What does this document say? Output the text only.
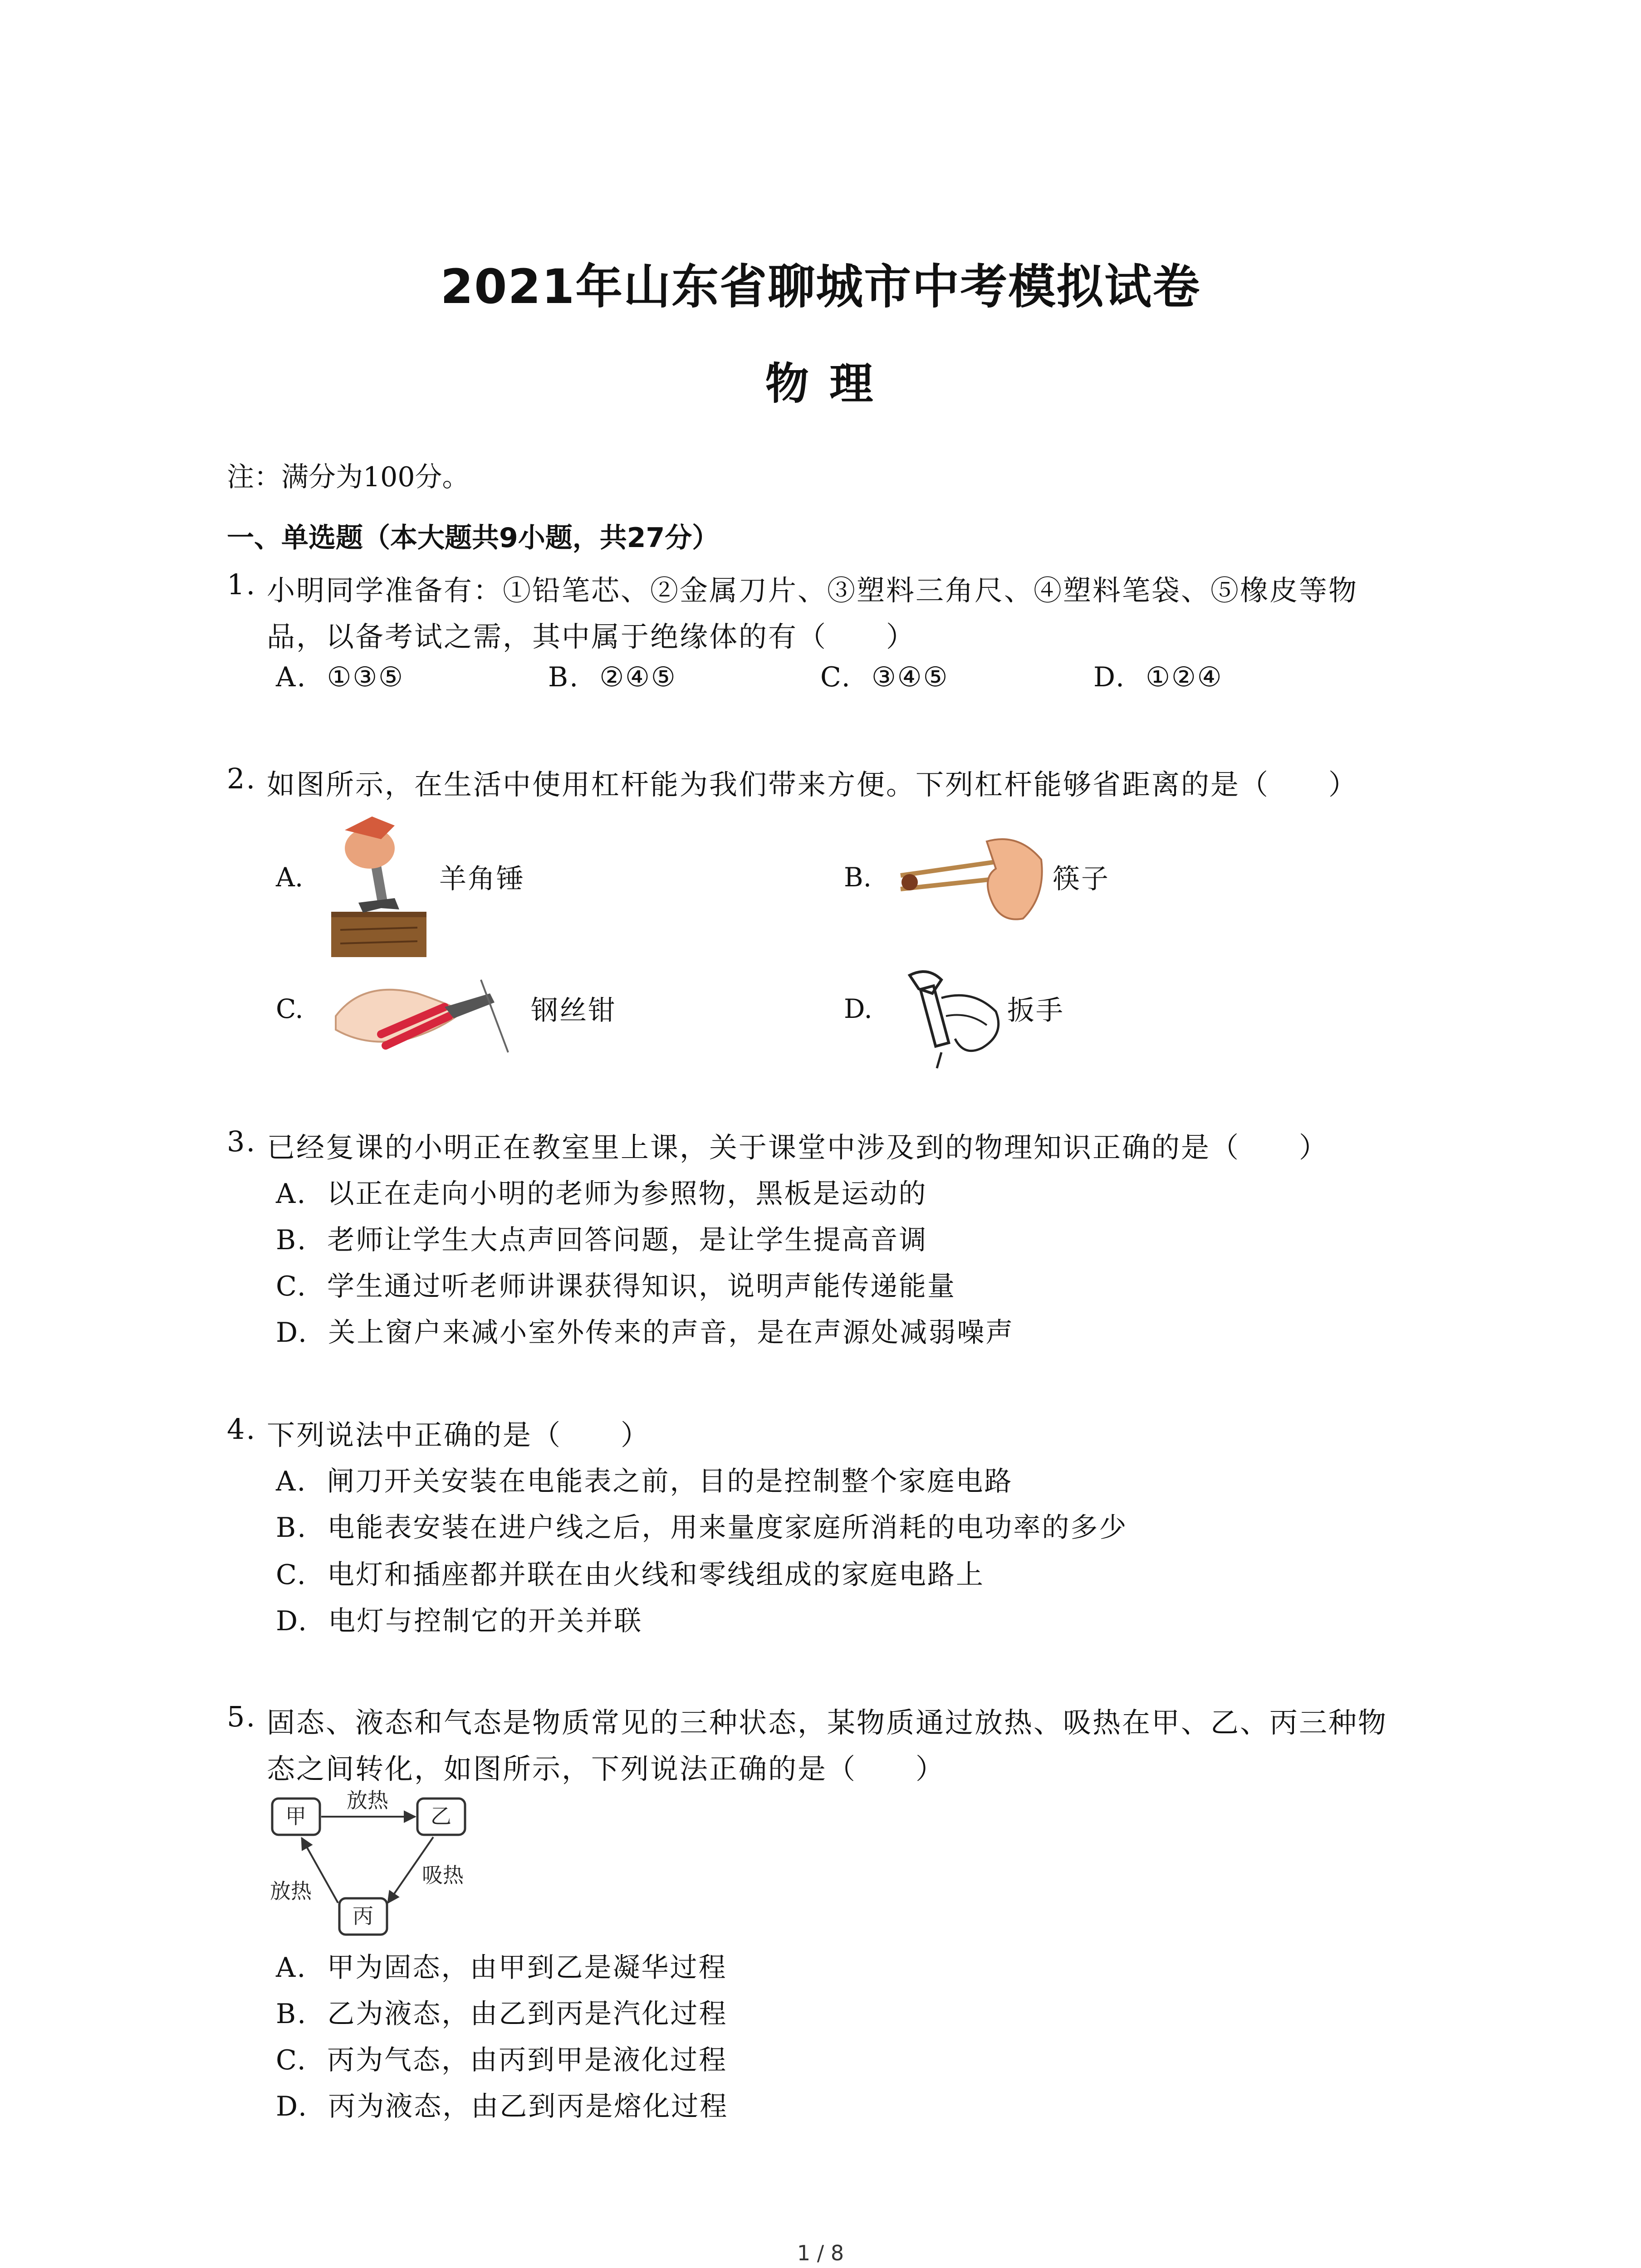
2021年山东省聊城市中考模拟试卷
物 理
注：满分为100分。
一、单选题（本大题共9小题，共27分）
1. 小明同学准备有：①铅笔芯、②金属刀片、③塑料三角尺、④塑料笔袋、⑤橡皮等物
品，以备考试之需，其中属于绝缘体的有（　　）
A. ①③⑤	B. ②④⑤	C. ③④⑤	D. ①②④
2. 如图所示，在生活中使用杠杆能为我们带来方便。下列杠杆能够省距离的是（　　）
A.	羊角锤	B.	筷子
C.	钢丝钳	D.	扳手
3. 已经复课的小明正在教室里上课，关于课堂中涉及到的物理知识正确的是（　　）
A. 以正在走向小明的老师为参照物，黑板是运动的
B. 老师让学生大点声回答问题，是让学生提高音调
C. 学生通过听老师讲课获得知识，说明声能传递能量
D. 关上窗户来减小室外传来的声音，是在声源处减弱噪声
4. 下列说法中正确的是（　　）
A. 闸刀开关安装在电能表之前，目的是控制整个家庭电路
B. 电能表安装在进户线之后，用来量度家庭所消耗的电功率的多少
C. 电灯和插座都并联在由火线和零线组成的家庭电路上
D. 电灯与控制它的开关并联
5. 固态、液态和气态是物质常见的三种状态，某物质通过放热、吸热在甲、乙、丙三种物
态之间转化，如图所示，下列说法正确的是（　　）
甲	乙
丙
放热
吸热
放热
A. 甲为固态，由甲到乙是凝华过程
B. 乙为液态，由乙到丙是汽化过程
C. 丙为气态，由丙到甲是液化过程
D. 丙为液态，由乙到丙是熔化过程
1 / 8
